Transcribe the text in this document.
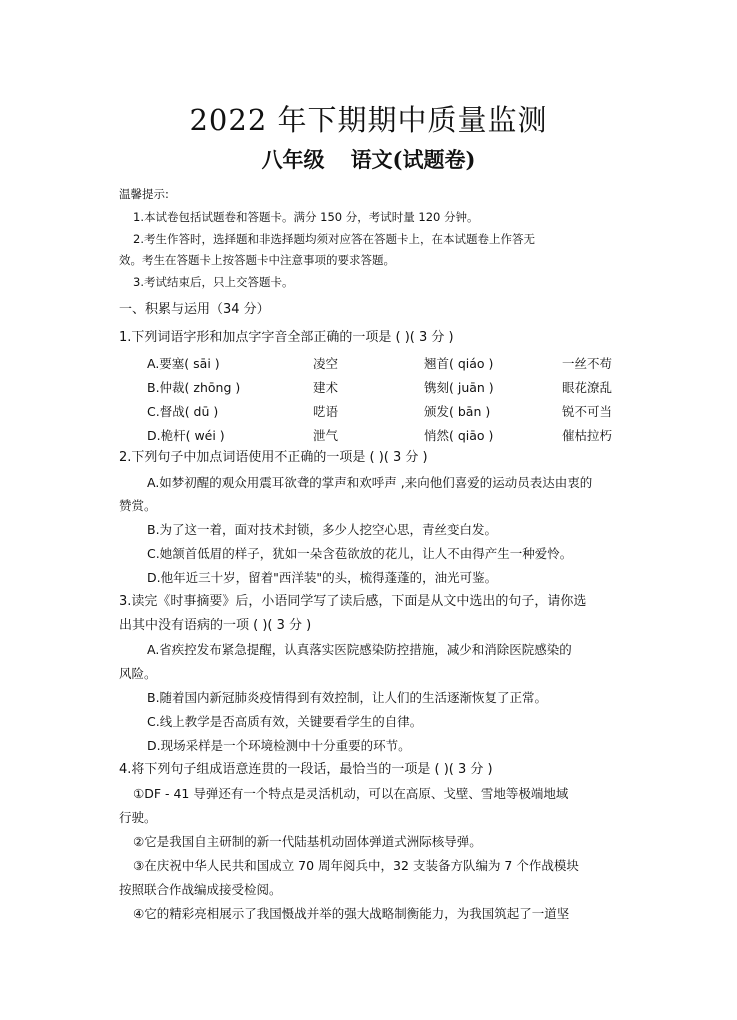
2022 年下期期中质量监测
八年级 语文(试题卷)
温馨提示:
1.本试卷包括试题卷和答题卡。满分 150 分，考试时量 120 分钟。
2.考生作答时，选择题和非选择题均须对应答在答题卡上，在本试题卷上作答无
效。考生在答题卡上按答题卡中注意事项的要求答题。
3.考试结束后，只上交答题卡。
一、积累与运用（34 分）
1.下列词语字形和加点字字音全部正确的一项是 ( )( 3 分 )
A.要塞( sāi )	凌空	翘首( qiáo )	一丝不苟
B.仲裁( zhōng )	建术	镌刻( juān )	眼花潦乱
C.督战( dū )	呓语	颁发( bān )	锐不可当
D.桅杆( wéi )	泄气	悄然( qiāo )	催枯拉朽
2.下列句子中加点词语使用不正确的一项是 ( )( 3 分 )
A.如梦初醒的观众用震耳欲聋的掌声和欢呼声 ,来向他们喜爱的运动员表达由衷的
赞赏。
B.为了这一着，面对技术封锁，多少人挖空心思，青丝变白发。
C.她颔首低眉的样子，犹如一朵含苞欲放的花儿，让人不由得产生一种爱怜。
D.他年近三十岁，留着"西洋装"的头，梳得蓬蓬的，油光可鉴。
3.读完《时事摘要》后，小语同学写了读后感，下面是从文中选出的句子，请你选
出其中没有语病的一项 ( )( 3 分 )
A.省疾控发布紧急提醒，认真落实医院感染防控措施，减少和消除医院感染的
风险。
B.随着国内新冠肺炎疫情得到有效控制，让人们的生活逐渐恢复了正常。
C.线上教学是否高质有效，关键要看学生的自律。
D.现场采样是一个环境检测中十分重要的环节。
4.将下列句子组成语意连贯的一段话，最恰当的一项是 ( )( 3 分 )
①DF - 41 导弹还有一个特点是灵活机动，可以在高原、戈壁、雪地等极端地域
行驶。
②它是我国自主研制的新一代陆基机动固体弹道式洲际核导弹。
③在庆祝中华人民共和国成立 70 周年阅兵中，32 支装备方队编为 7 个作战模块
按照联合作战编成接受检阅。
④它的精彩亮相展示了我国慑战并举的强大战略制衡能力，为我国筑起了一道坚
